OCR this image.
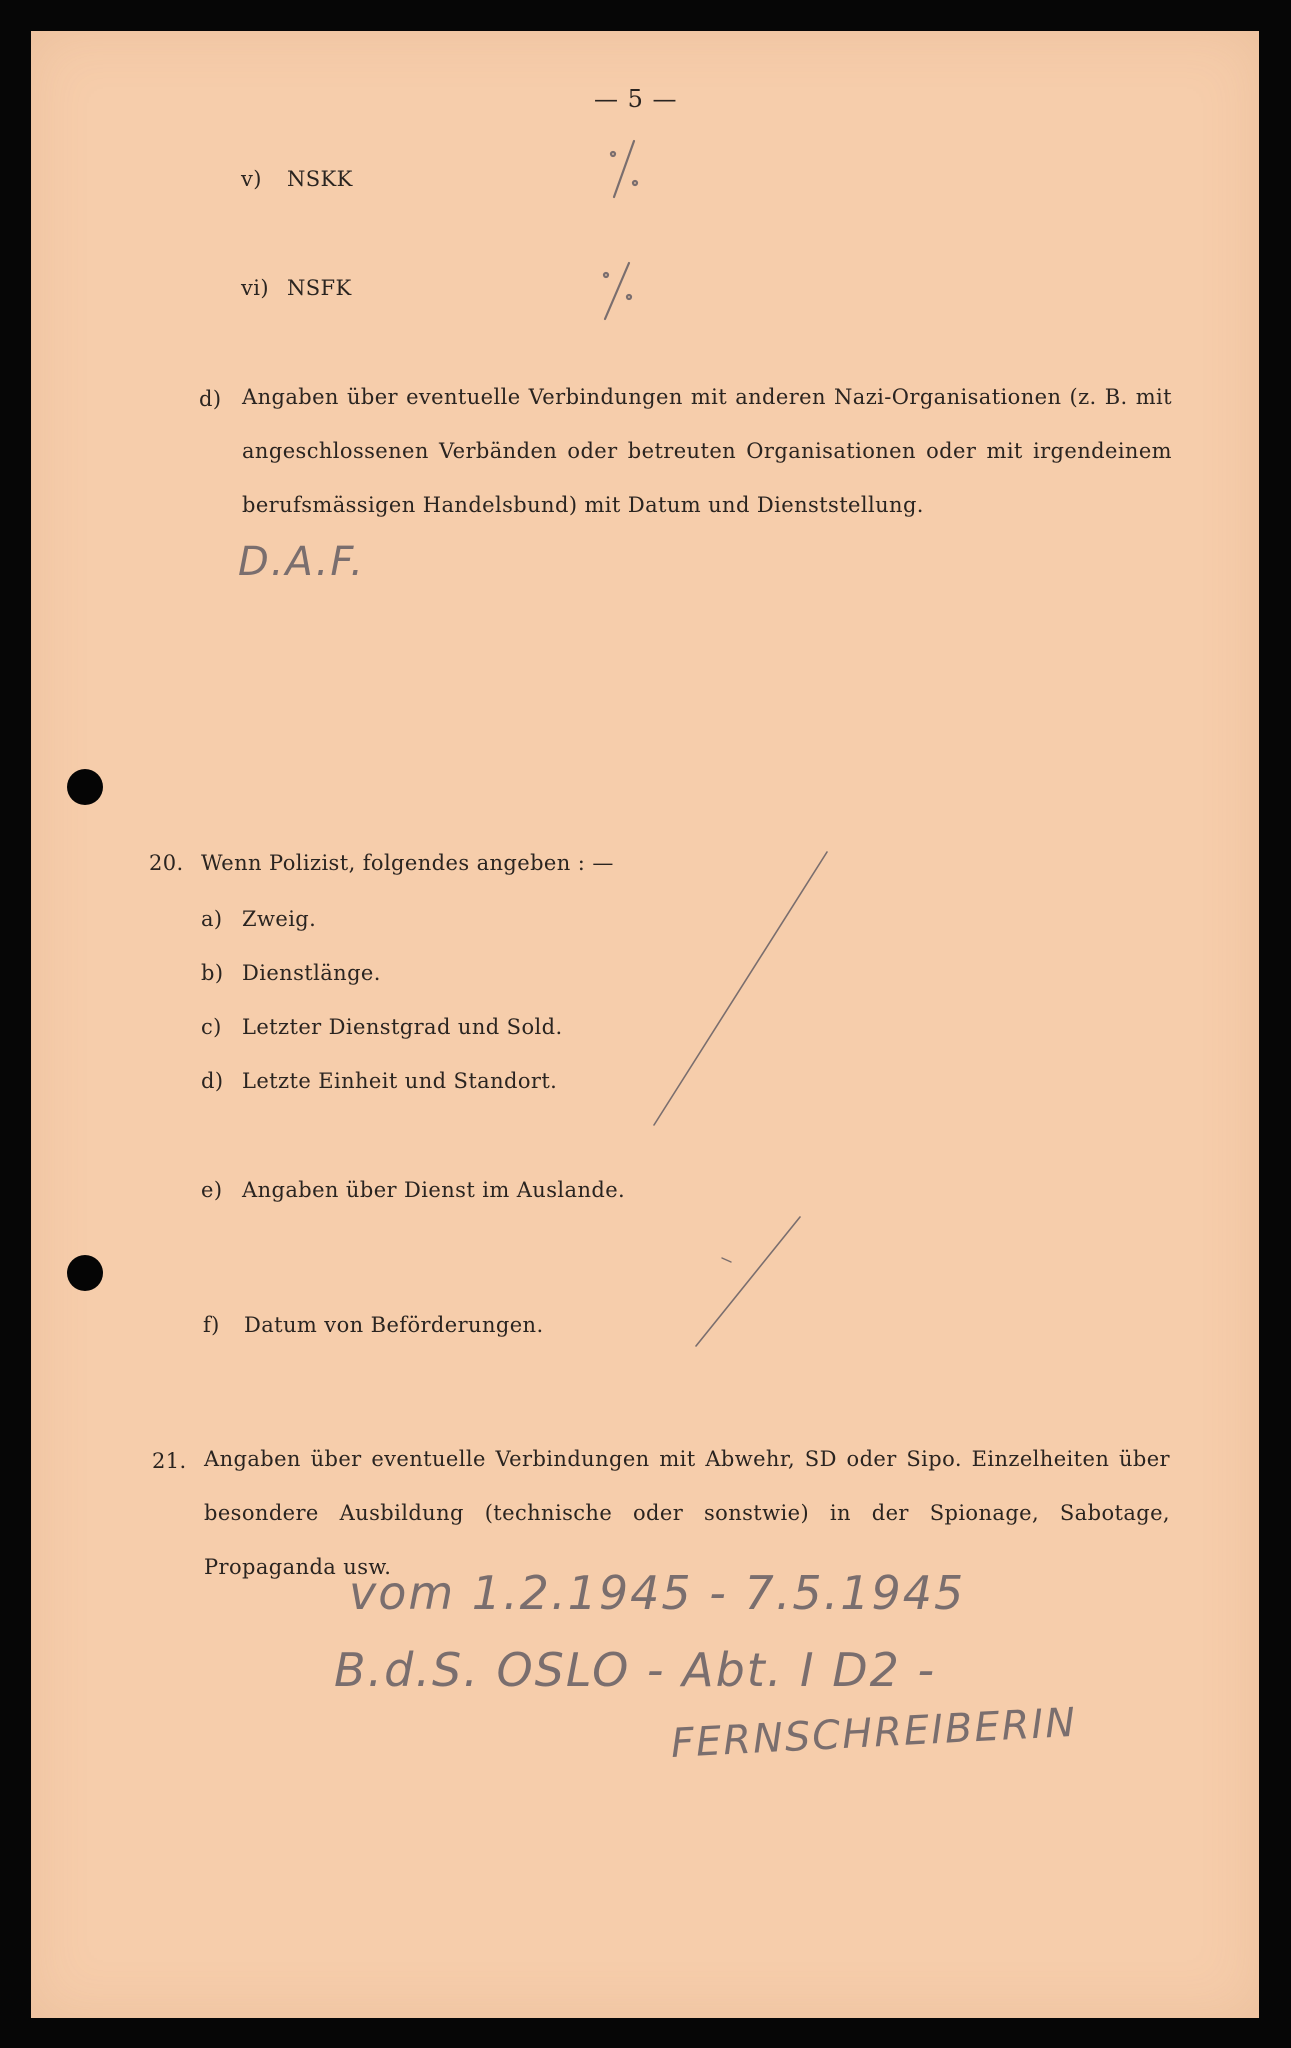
— 5 —
v) NSKK
vi) NSFK
d) Angaben über eventuelle Verbindungen mit anderen Nazi-Organisationen (z. B. mit angeschlossenen Verbänden oder betreuten Organisationen oder mit irgendeinem berufsmässigen Handelsbund) mit Datum und Dienststellung.
20. Wenn Polizist, folgendes angeben : —
a) Zweig.
b) Dienstlänge.
c) Letzter Dienstgrad und Sold.
d) Letzte Einheit und Standort.
e) Angaben über Dienst im Auslande.
f) Datum von Beförderungen.
21. Angaben über eventuelle Verbindungen mit Abwehr, SD oder Sipo. Einzelheiten über besondere Ausbildung (technische oder sonstwie) in der Spionage, Sabotage, Propaganda usw.
D.A.F.
vom 1.2.1945 - 7.5.1945
B.d.S. OSLO - Abt. I D2 -
FERNSCHREIBERIN
